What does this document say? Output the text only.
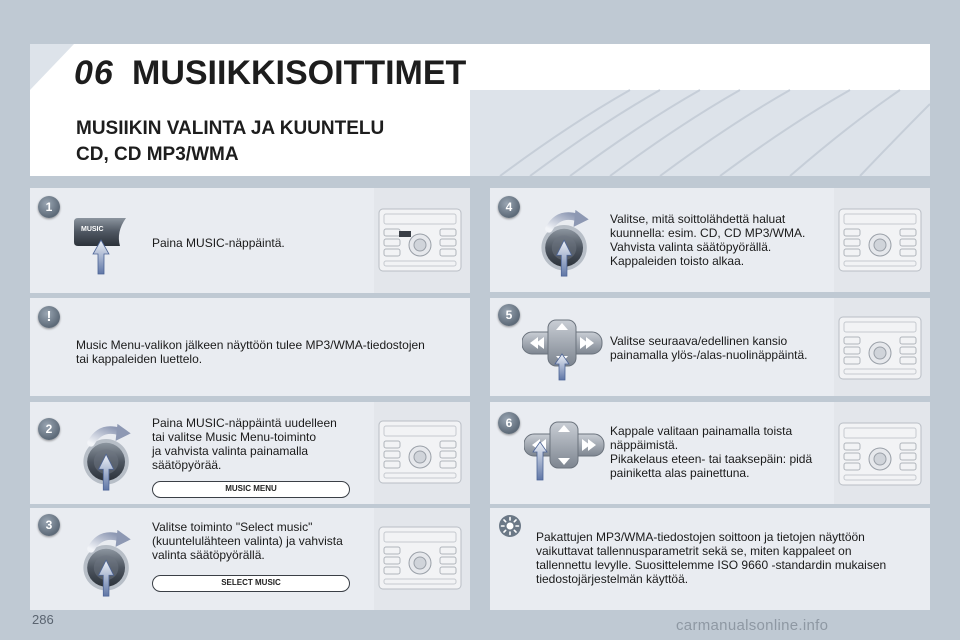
06 MUSIIKKISOITTIMET
MUSIIKIN VALINTA JA KUUNTELU
CD, CD MP3/WMA
1
MUSIC
Paina MUSIC-näppäintä.
!
Music Menu-valikon jälkeen näyttöön tulee MP3/WMA-tiedostojen
tai kappaleiden luettelo.
2	Paina MUSIC-näppäintä uudelleen
tai valitse Music Menu-toiminto
ja vahvista valinta painamalla
säätöpyörää.
MUSIC MENU
3	Valitse toiminto "Select music"
(kuuntelulähteen valinta) ja vahvista
valinta säätöpyörällä.
SELECT MUSIC
4
Valitse, mitä soittolähdettä haluat
kuunnella: esim. CD, CD MP3/WMA.
Vahvista valinta säätöpyörällä.
Kappaleiden toisto alkaa.
5
Valitse seuraava/edellinen kansio
painamalla ylös-/alas-nuolinäppäintä.
6
Kappale valitaan painamalla toista
näppäimistä.
Pikakelaus eteen- tai taaksepäin: pidä
painiketta alas painettuna.
Pakattujen MP3/WMA-tiedostojen soittoon ja tietojen näyttöön
vaikuttavat tallennusparametrit sekä se, miten kappaleet on
tallennettu levylle. Suosittelemme ISO 9660 -standardin mukaisen
tiedostojärjestelmän käyttöä.
286	carmanualsonline.info
